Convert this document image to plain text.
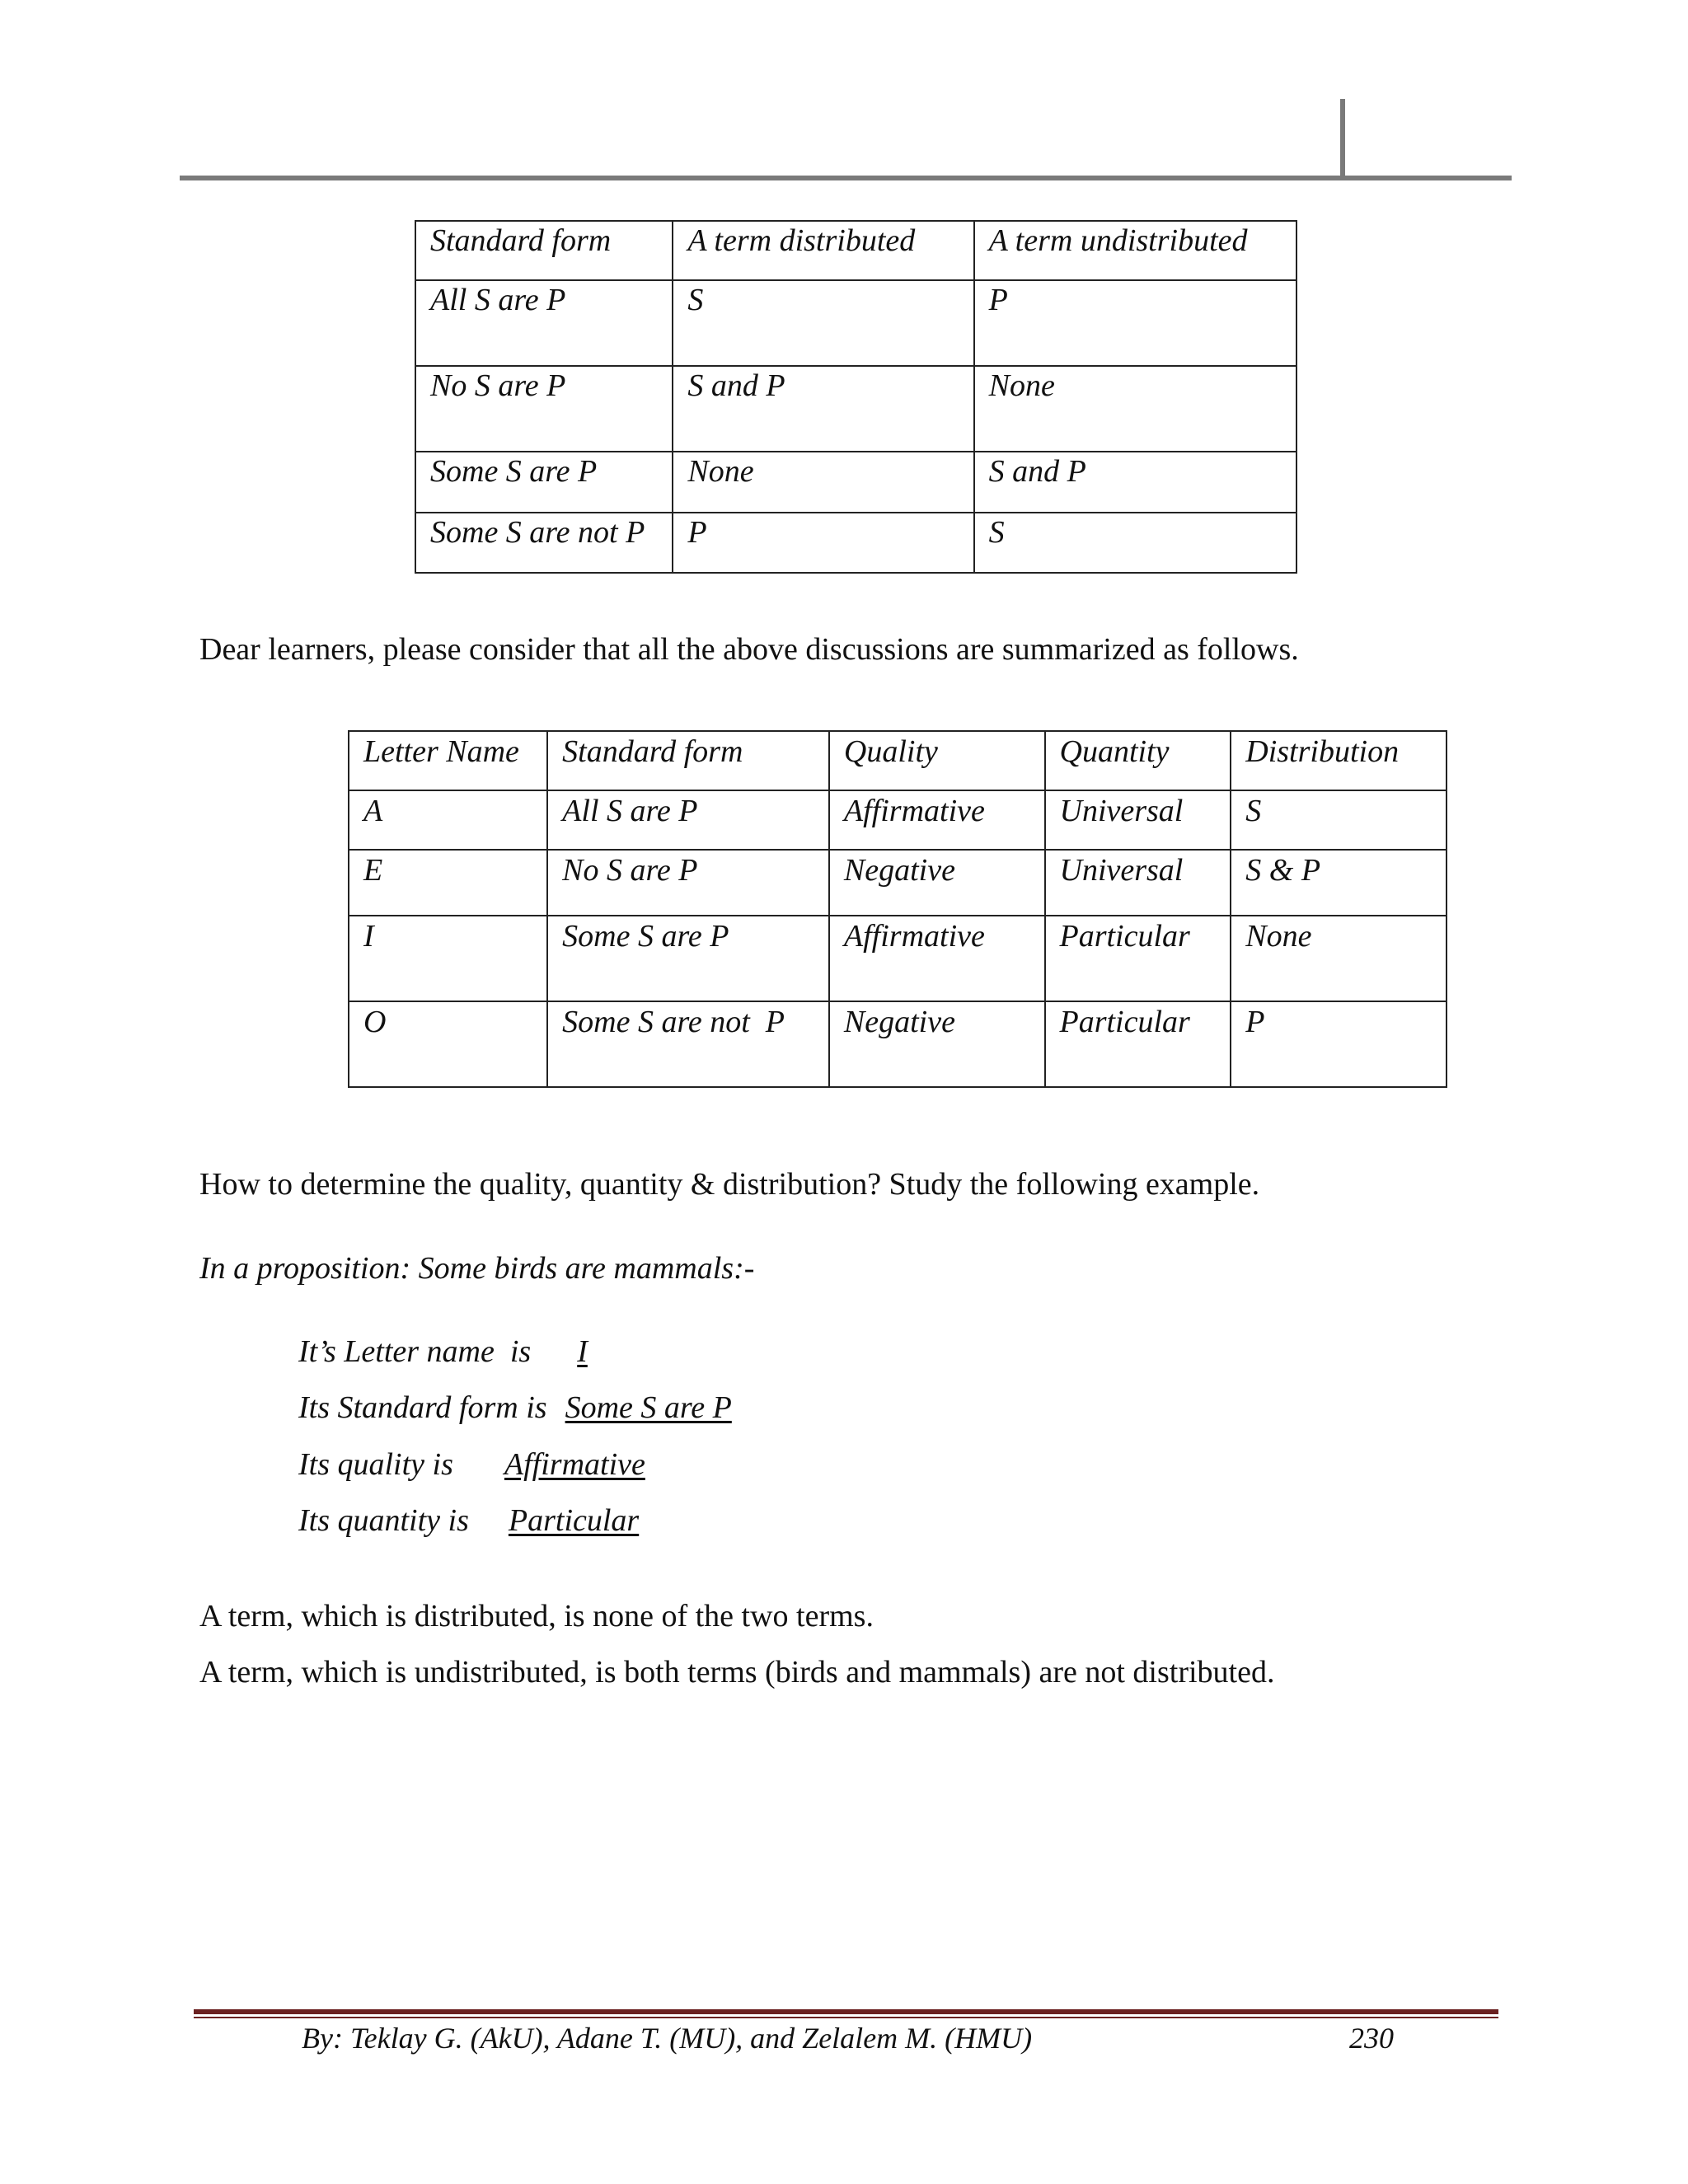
Standard form	A term distributed	A term undistributed
All S are P	S	P
No S are P	S and P	None
Some S are P	None	S and P
Some S are not P	P	S
Dear learners, please consider that all the above discussions are summarized as follows.
Letter Name	Standard form	Quality	Quantity	Distribution
A	All S are P	Affirmative	Universal	S
E	No S are P	Negative	Universal	S & P
I	Some S are P	Affirmative	Particular	None
O	Some S are not  P	Negative	Particular	P
How to determine the quality, quantity & distribution? Study the following example.
In a proposition: Some birds are mammals:-
It’s Letter name  is I
Its Standard form is Some S are P
Its quality is Affirmative
Its quantity is Particular
A term, which is distributed, is none of the two terms.
A term, which is undistributed, is both terms (birds and mammals) are not distributed.
By: Teklay G. (AkU), Adane T. (MU), and Zelalem M. (HMU)	230
